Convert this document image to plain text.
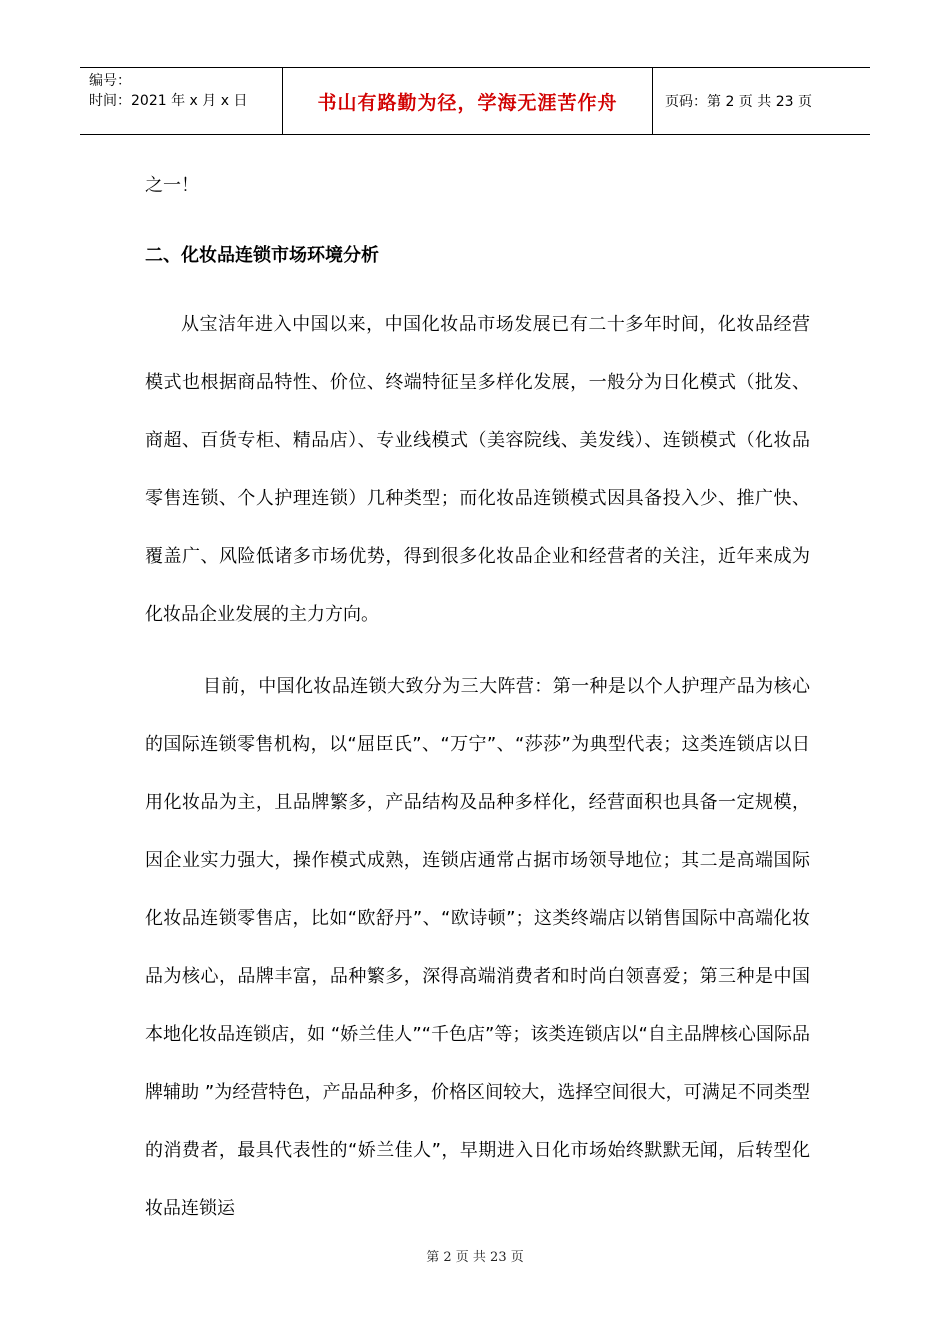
编号：
时间：2021 年 x 月 x 日	书山有路勤为径，学海无涯苦作舟	页码：第 2 页 共 23 页

之一！

二、化妆品连锁市场环境分析

从宝洁年进入中国以来，中国化妆品市场发展已有二十多年时间，化妆品经营模式也根据商品特性、价位、终端特征呈多样化发展，一般分为日化模式（批发、商超、百货专柜、精品店）、专业线模式（美容院线、美发线）、连锁模式（化妆品零售连锁、个人护理连锁）几种类型；而化妆品连锁模式因具备投入少、推广快、覆盖广、风险低诸多市场优势，得到很多化妆品企业和经营者的关注，近年来成为化妆品企业发展的主力方向。

目前，中国化妆品连锁大致分为三大阵营：第一种是以个人护理产品为核心的国际连锁零售机构，以“屈臣氏”、“万宁”、“莎莎”为典型代表；这类连锁店以日用化妆品为主，且品牌繁多，产品结构及品种多样化，经营面积也具备一定规模，因企业实力强大，操作模式成熟，连锁店通常占据市场领导地位；其二是高端国际化妆品连锁零售店，比如“欧舒丹”、“欧诗顿”；这类终端店以销售国际中高端化妆品为核心，品牌丰富，品种繁多，深得高端消费者和时尚白领喜爱；第三种是中国本地化妆品连锁店，如 “娇兰佳人”“千色店”等；该类连锁店以“自主品牌核心国际品牌辅助 ”为经营特色，产品品种多，价格区间较大，选择空间很大，可满足不同类型的消费者，最具代表性的“娇兰佳人”，早期进入日化市场始终默默无闻，后转型化妆品连锁运

第 2 页 共 23 页
